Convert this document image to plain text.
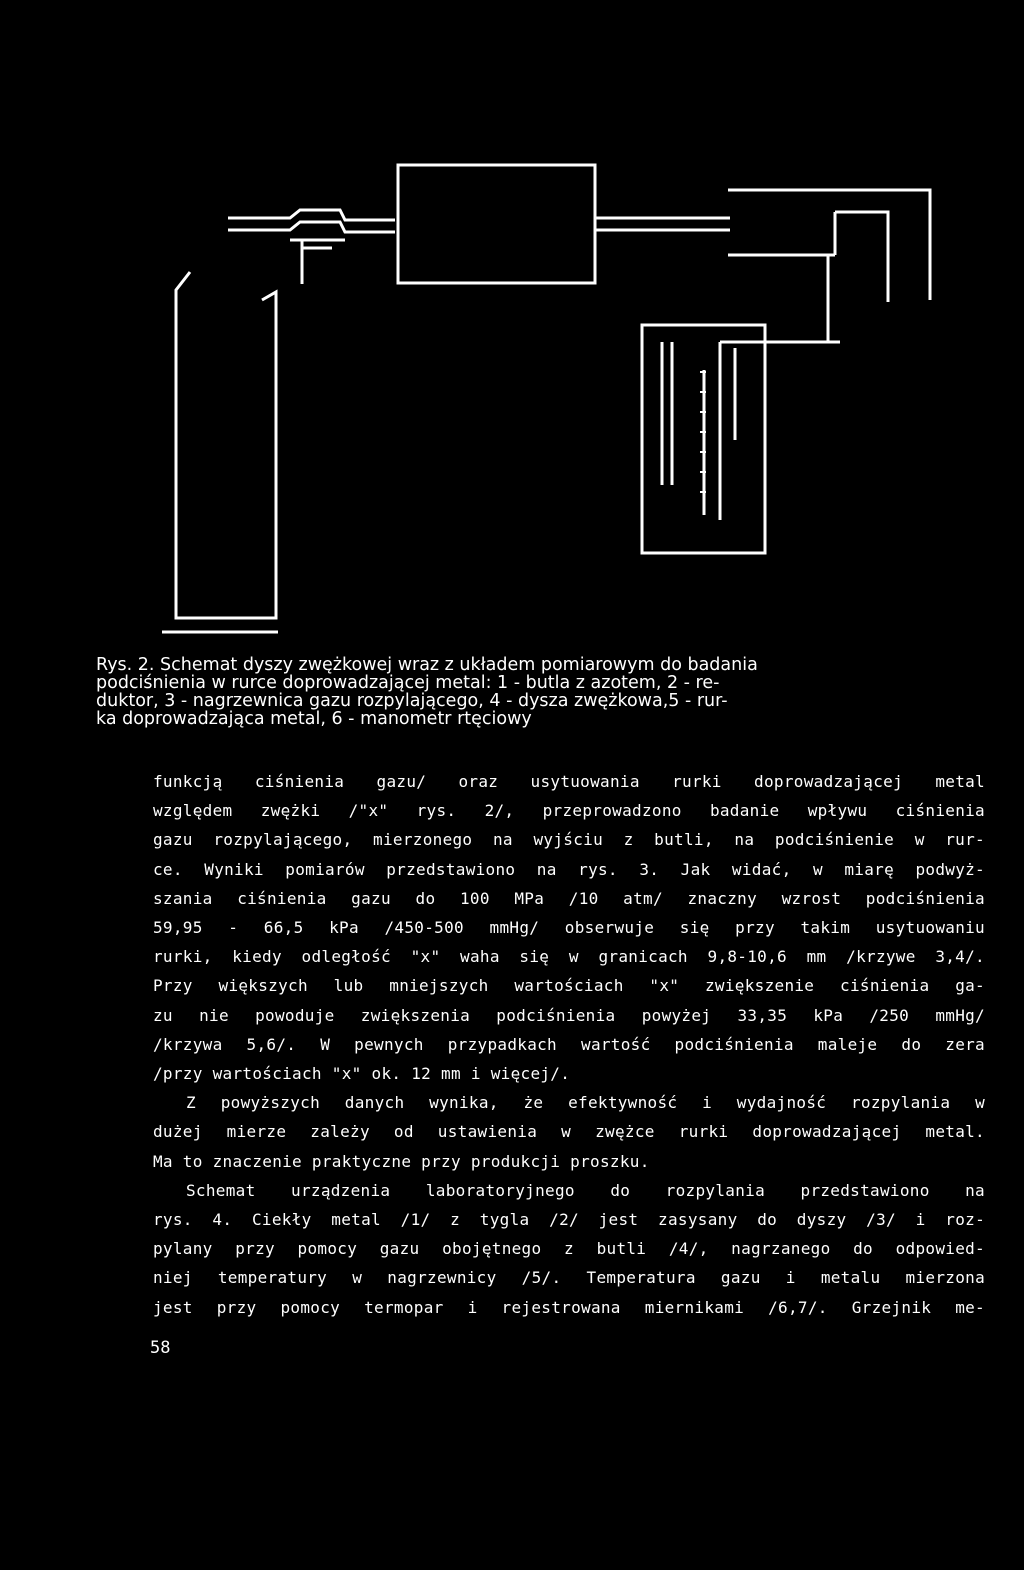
Rys. 2. Schemat dyszy zwężkowej wraz z układem pomiarowym do badania

podciśnienia w rurce doprowadzającej metal: 1 - butla z azotem, 2 - re-

duktor, 3 - nagrzewnica gazu rozpylającego, 4 - dysza zwężkowa,5 - rur-

ka doprowadzająca metal, 6 - manometr rtęciowy

funkcją ciśnienia gazu/ oraz usytuowania rurki doprowadzającej metal

względem zwężki /"x" rys. 2/, przeprowadzono badanie wpływu ciśnienia

gazu rozpylającego, mierzonego na wyjściu z butli, na podciśnienie w rur-

ce. Wyniki pomiarów przedstawiono na rys. 3. Jak widać, w miarę podwyż-

szania ciśnienia gazu do 100 MPa /10 atm/ znaczny wzrost podciśnienia

59,95 - 66,5 kPa /450-500 mmHg/ obserwuje się przy takim usytuowaniu

rurki, kiedy odległość "x" waha się w granicach 9,8-10,6 mm /krzywe 3,4/.

Przy większych lub mniejszych wartościach "x" zwiększenie ciśnienia ga-

zu nie powoduje zwiększenia podciśnienia powyżej 33,35 kPa /250 mmHg/

/krzywa 5,6/. W pewnych przypadkach wartość podciśnienia maleje do zera

/przy wartościach "x" ok. 12 mm i więcej/.

Z powyższych danych wynika, że efektywność i wydajność rozpylania w

dużej mierze zależy od ustawienia w zwężce rurki doprowadzającej metal.

Ma to znaczenie praktyczne przy produkcji proszku.

Schemat urządzenia laboratoryjnego do rozpylania przedstawiono na

rys. 4. Ciekły metal /1/ z tygla /2/ jest zasysany do dyszy /3/ i roz-

pylany przy pomocy gazu obojętnego z butli /4/, nagrzanego do odpowied-

niej temperatury w nagrzewnicy /5/. Temperatura gazu i metalu mierzona

jest przy pomocy termopar i rejestrowana miernikami /6,7/. Grzejnik me-

58
